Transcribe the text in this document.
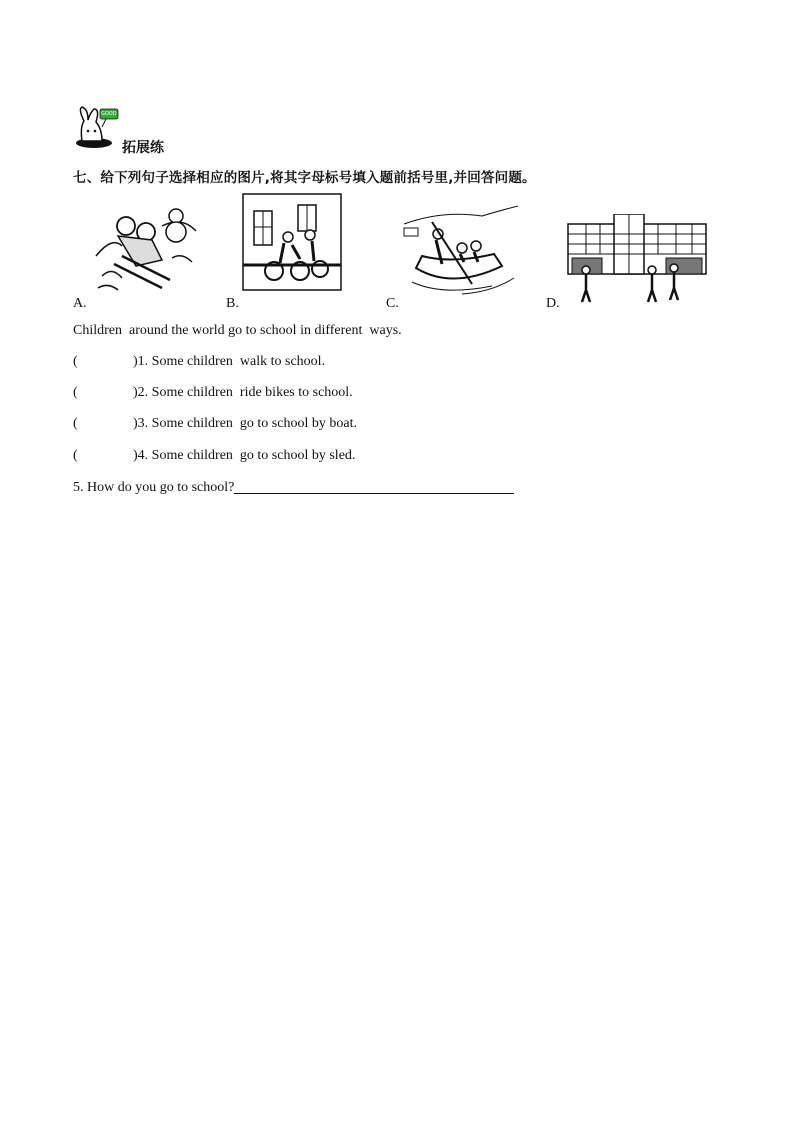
GOOD
拓展练
七、给下列句子选择相应的图片,将其字母标号填入题前括号里,并回答问题。
A.	B.	C.	D.
Children  around the world go to school in different  ways.
(	)1. Some children  walk to school.
(	)2. Some children  ride bikes to school.
(	)3. Some children  go to school by boat.
(	)4. Some children  go to school by sled.
5. How do you go to school?
